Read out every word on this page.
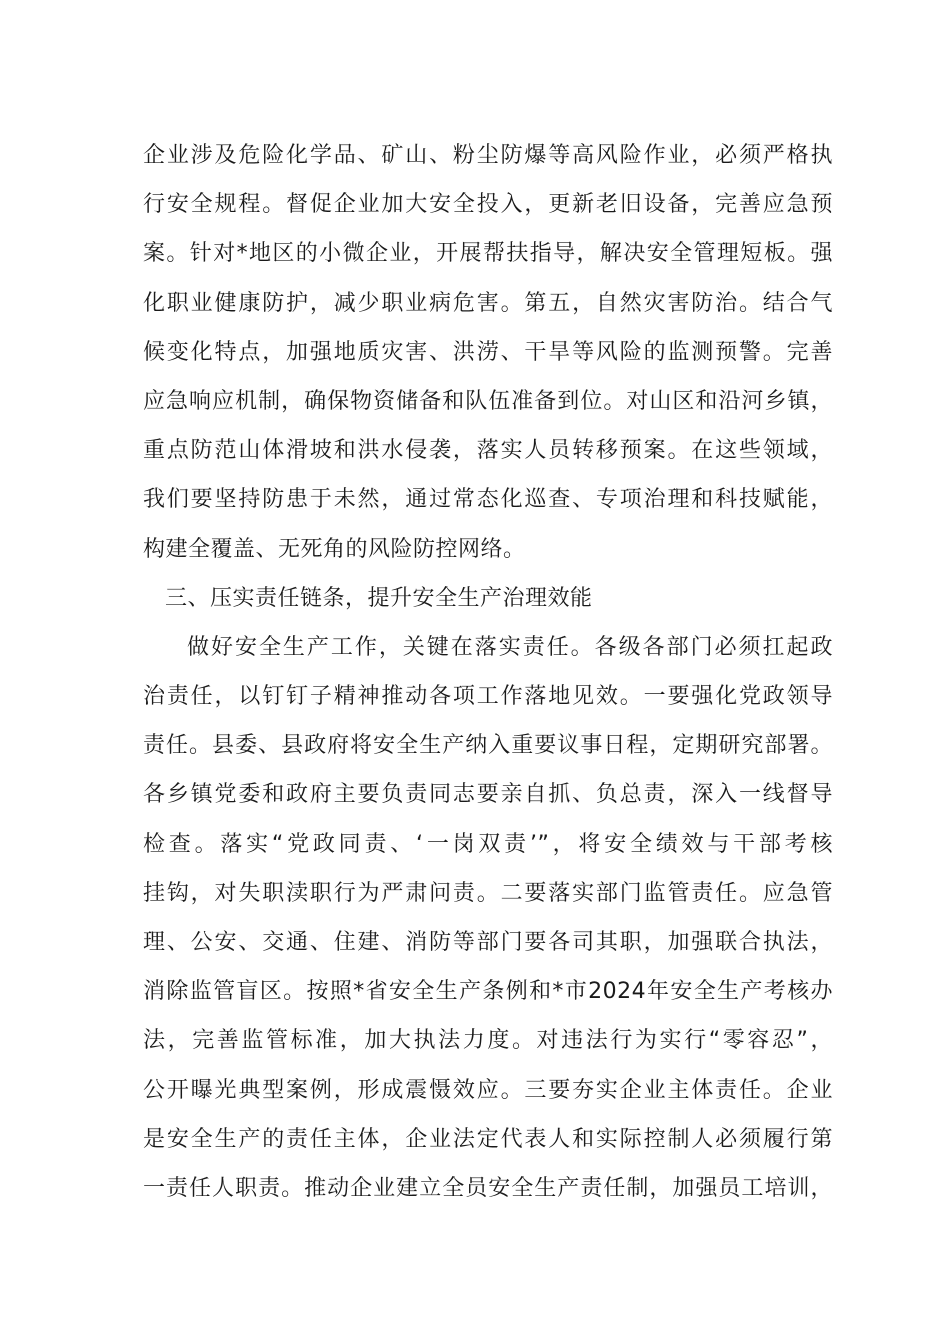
企业涉及危险化学品、矿山、粉尘防爆等高风险作业，必须严格执
行安全规程。督促企业加大安全投入，更新老旧设备，完善应急预
案。针对*地区的小微企业，开展帮扶指导，解决安全管理短板。强
化职业健康防护，减少职业病危害。第五，自然灾害防治。结合气
候变化特点，加强地质灾害、洪涝、干旱等风险的监测预警。完善
应急响应机制，确保物资储备和队伍准备到位。对山区和沿河乡镇，
重点防范山体滑坡和洪水侵袭，落实人员转移预案。在这些领域，
我们要坚持防患于未然，通过常态化巡查、专项治理和科技赋能，
构建全覆盖、无死角的风险防控网络。
三、压实责任链条，提升安全生产治理效能
做好安全生产工作，关键在落实责任。各级各部门必须扛起政
治责任，以钉钉子精神推动各项工作落地见效。一要强化党政领导
责任。县委、县政府将安全生产纳入重要议事日程，定期研究部署。
各乡镇党委和政府主要负责同志要亲自抓、负总责，深入一线督导
检查。落实“党政同责、‘一岗双责’”，将安全绩效与干部考核
挂钩，对失职渎职行为严肃问责。二要落实部门监管责任。应急管
理、公安、交通、住建、消防等部门要各司其职，加强联合执法，
消除监管盲区。按照*省安全生产条例和*市2024年安全生产考核办
法，完善监管标准，加大执法力度。对违法行为实行“零容忍”，
公开曝光典型案例，形成震慑效应。三要夯实企业主体责任。企业
是安全生产的责任主体，企业法定代表人和实际控制人必须履行第
一责任人职责。推动企业建立全员安全生产责任制，加强员工培训，
